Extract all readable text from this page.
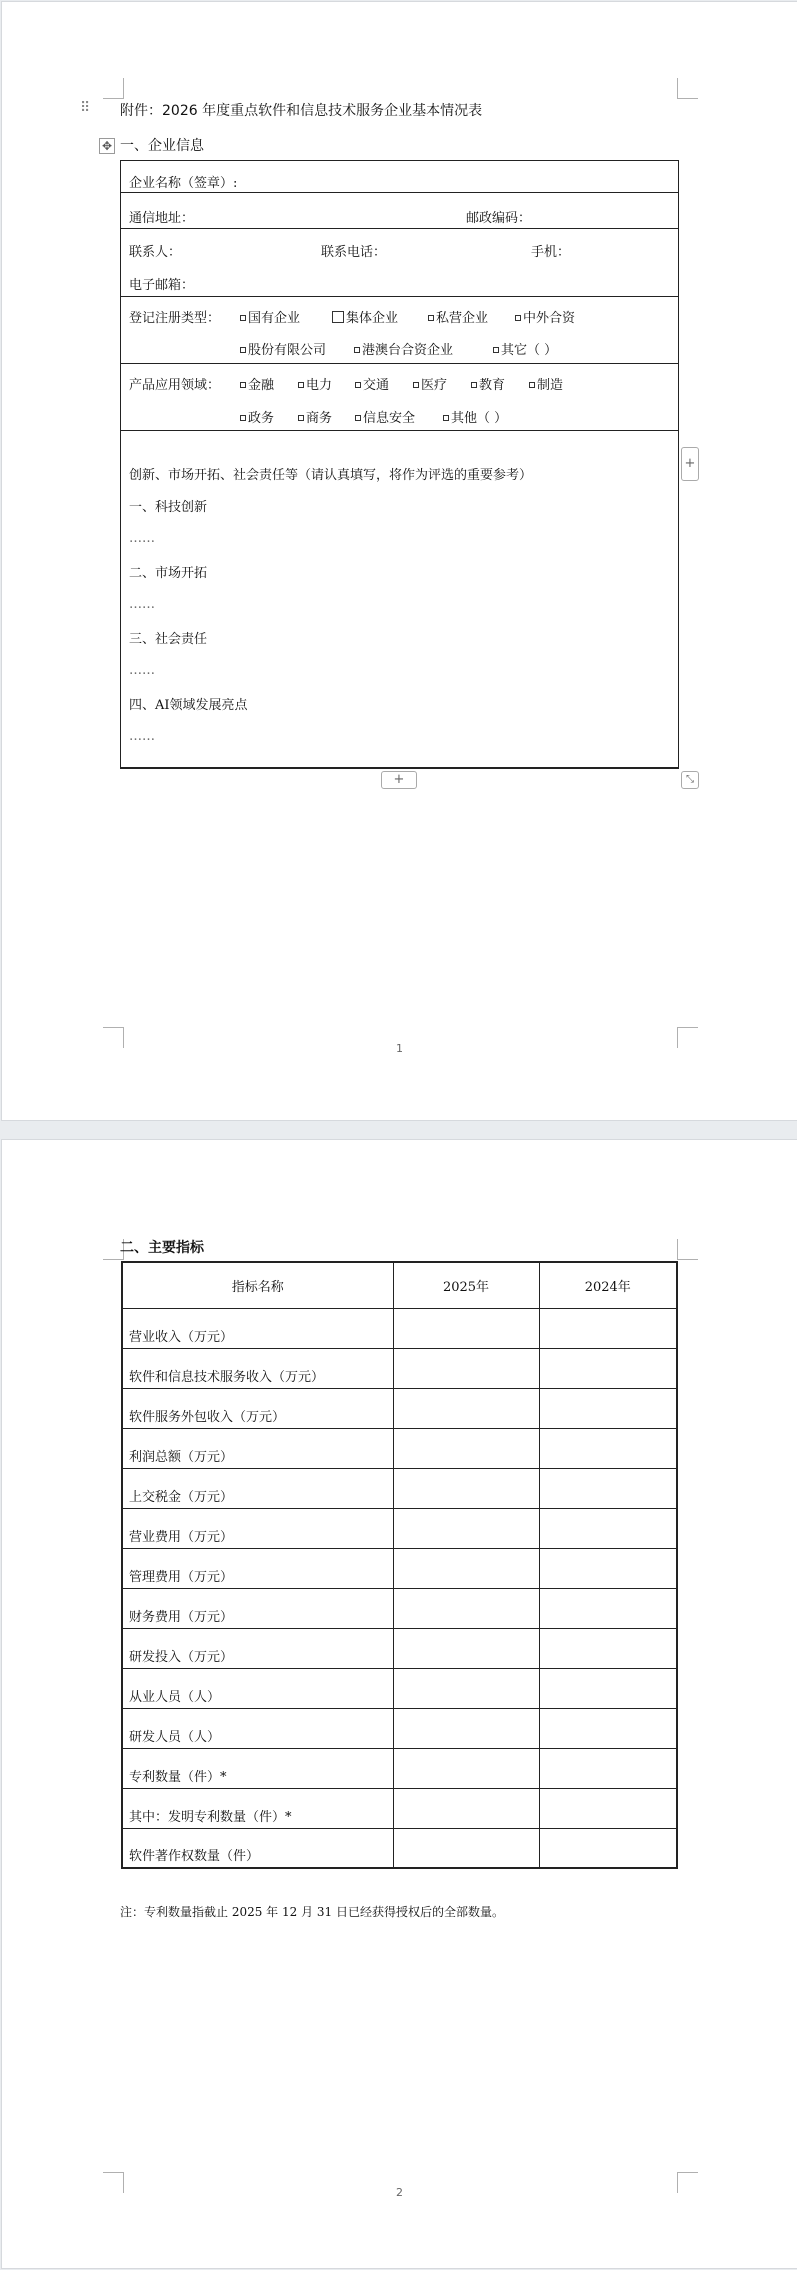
1
⠿ 附件：2026 年度重点软件和信息技术服务企业基本情况表
✥ 一、企业信息
企业名称（签章）:
通信地址：	邮政编码：
联系人：	联系电话：	手机：
电子邮箱：
登记注册类型：	国有企业	集体企业	私营企业	中外合资
股份有限公司	港澳台合资企业	其它（ ）
产品应用领域：	金融	电力	交通	医疗	教育	制造
政务	商务	信息安全	其他（ ）
创新、市场开拓、社会责任等（请认真填写，将作为评选的重要参考）
一、科技创新
……
二、市场开拓
……
三、社会责任
……
四、AI领域发展亮点
……
+
+	⤡
2
二、主要指标
指标名称	2025年	2024年
营业收入（万元）		
软件和信息技术服务收入（万元）		
软件服务外包收入（万元）		
利润总额（万元）		
上交税金（万元）		
营业费用（万元）		
管理费用（万元）		
财务费用（万元）		
研发投入（万元）		
从业人员（人）		
研发人员（人）		
专利数量（件）*		
其中：发明专利数量（件）*		
软件著作权数量（件）		
注：专利数量指截止 2025 年 12 月 31 日已经获得授权后的全部数量。
